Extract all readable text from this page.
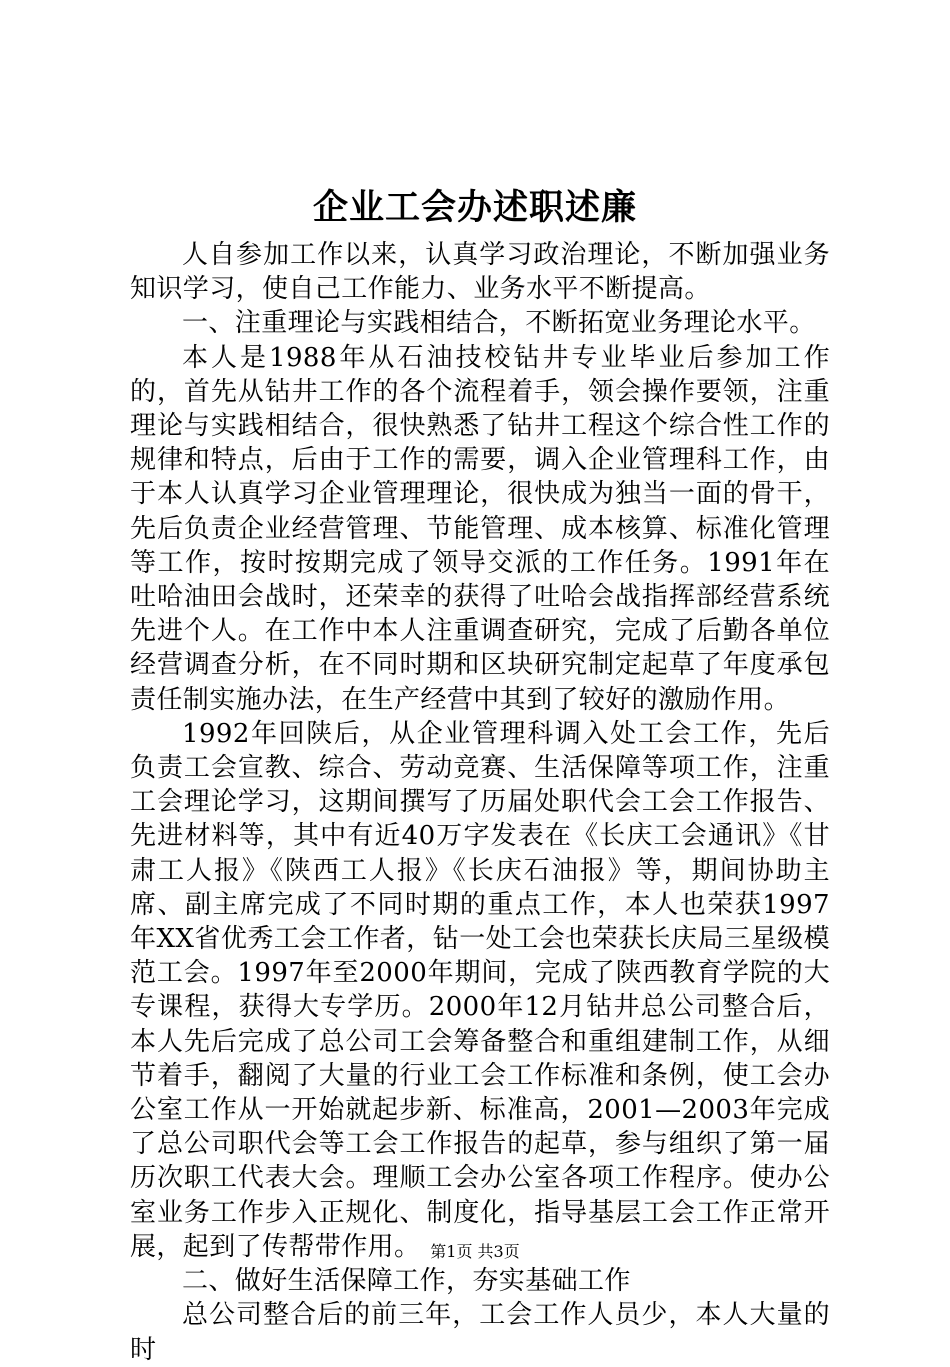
企业工会办述职述廉

人自参加工作以来，认真学习政治理论，不断加强业务知识学习，使自己工作能力、业务水平不断提高。

一、注重理论与实践相结合，不断拓宽业务理论水平。

本人是1988年从石油技校钻井专业毕业后参加工作的，首先从钻井工作的各个流程着手，领会操作要领，注重理论与实践相结合，很快熟悉了钻井工程这个综合性工作的规律和特点，后由于工作的需要，调入企业管理科工作，由于本人认真学习企业管理理论，很快成为独当一面的骨干，先后负责企业经营管理、节能管理、成本核算、标准化管理等工作，按时按期完成了领导交派的工作任务。1991年在吐哈油田会战时，还荣幸的获得了吐哈会战指挥部经营系统先进个人。在工作中本人注重调查研究，完成了后勤各单位经营调查分析，在不同时期和区块研究制定起草了年度承包责任制实施办法，在生产经营中其到了较好的激励作用。

1992年回陕后，从企业管理科调入处工会工作，先后负责工会宣教、综合、劳动竞赛、生活保障等项工作，注重工会理论学习，这期间撰写了历届处职代会工会工作报告、先进材料等，其中有近40万字发表在《长庆工会通讯》《甘肃工人报》《陕西工人报》《长庆石油报》等，期间协助主席、副主席完成了不同时期的重点工作，本人也荣获1997年XX省优秀工会工作者，钻一处工会也荣获长庆局三星级模范工会。1997年至2000年期间，完成了陕西教育学院的大专课程，获得大专学历。2000年12月钻井总公司整合后，本人先后完成了总公司工会筹备整合和重组建制工作，从细节着手，翻阅了大量的行业工会工作标准和条例，使工会办公室工作从一开始就起步新、标准高，2001—2003年完成了总公司职代会等工会工作报告的起草，参与组织了第一届历次职工代表大会。理顺工会办公室各项工作程序。使办公室业务工作步入正规化、制度化，指导基层工会工作正常开展，起到了传帮带作用。

二、做好生活保障工作，夯实基础工作

总公司整合后的前三年，工会工作人员少，本人大量的时

第1页 共3页
